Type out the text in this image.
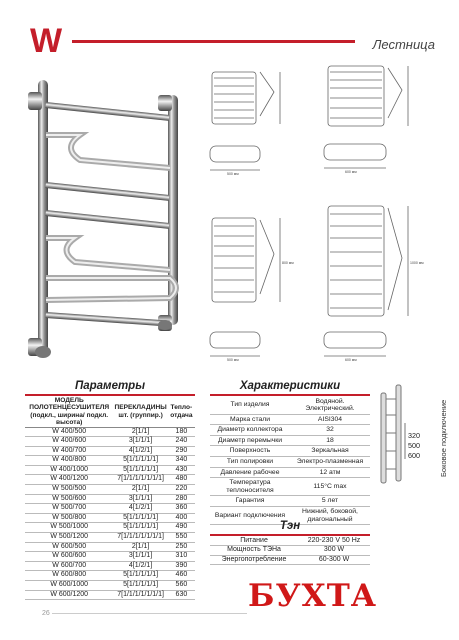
W	Лестница
500 мм	600 мм
500 мм	600 мм
800 мм	1000 мм
Параметры
МОДЕЛЬ ПОЛОТЕНЦЕСУШИТЕЛЯ (подкл., ширина/ подкл. высота)	ПЕРЕКЛАДИНЫ шт. (группир.)	Тепло-отдача
W 400/500	2[1/1]	180
W 400/600	3[1/1/1]	240
W 400/700	4[1/2/1]	290
W 400/800	5[1/1/1/1/1]	340
W 400/1000	5[1/1/1/1/1]	430
W 400/1200	7[1/1/1/1/1/1/1]	480
W 500/500	2[1/1]	220
W 500/600	3[1/1/1]	280
W 500/700	4[1/2/1]	360
W 500/800	5[1/1/1/1/1]	400
W 500/1000	5[1/1/1/1/1]	490
W 500/1200	7[1/1/1/1/1/1/1]	550
W 600/500	2[1/1]	250
W 600/600	3[1/1/1]	310
W 600/700	4[1/2/1]	390
W 600/800	5[1/1/1/1/1]	460
W 600/1000	5[1/1/1/1/1]	560
W 600/1200	7[1/1/1/1/1/1/1]	630
Характеристики
Тип изделия	Водяной. Электрический.
Марка стали	AISI304
Диаметр коллектора	32
Диаметр перемычки	18
Поверхность	Зеркальная
Тип полировки	Электро-плазменная
Давление рабочее	12 атм
Температура теплоносителя	115°C max
Гарантия	5 лет
Вариант подключения	Нижний, боковой, диагональный
320
500
600	Боковое подключение
Тэн
Питание	220-230 V 50 Hz
Мощность ТЭНа	300 W
Энергопотребление	60-300 W
26	БУХТА
